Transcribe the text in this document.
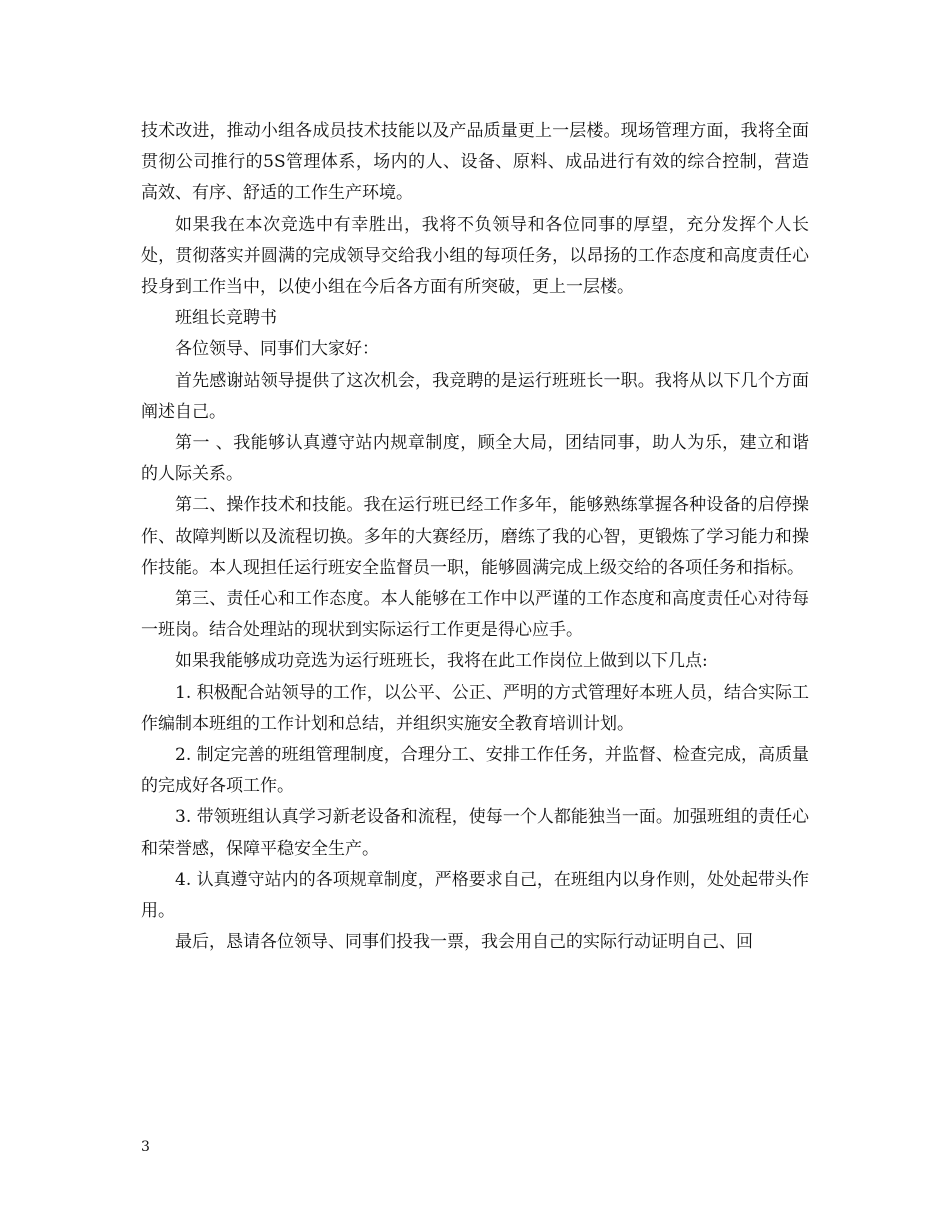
技术改进，推动小组各成员技术技能以及产品质量更上一层楼。现场管理方面，我将全面贯彻公司推行的5S管理体系，场内的人、设备、原料、成品进行有效的综合控制，营造高效、有序、舒适的工作生产环境。

如果我在本次竞选中有幸胜出，我将不负领导和各位同事的厚望，充分发挥个人长处，贯彻落实并圆满的完成领导交给我小组的每项任务，以昂扬的工作态度和高度责任心投身到工作当中，以使小组在今后各方面有所突破，更上一层楼。

班组长竞聘书

各位领导、同事们大家好：

首先感谢站领导提供了这次机会，我竞聘的是运行班班长一职。我将从以下几个方面阐述自己。

第一 、我能够认真遵守站内规章制度，顾全大局，团结同事，助人为乐，建立和谐的人际关系。

第二、操作技术和技能。我在运行班已经工作多年，能够熟练掌握各种设备的启停操作、故障判断以及流程切换。多年的大赛经历，磨练了我的心智，更锻炼了学习能力和操作技能。本人现担任运行班安全监督员一职，能够圆满完成上级交给的各项任务和指标。

第三、责任心和工作态度。本人能够在工作中以严谨的工作态度和高度责任心对待每一班岗。结合处理站的现状到实际运行工作更是得心应手。

如果我能够成功竞选为运行班班长，我将在此工作岗位上做到以下几点:

1. 积极配合站领导的工作，以公平、公正、严明的方式管理好本班人员，结合实际工作编制本班组的工作计划和总结，并组织实施安全教育培训计划。

2. 制定完善的班组管理制度，合理分工、安排工作任务，并监督、检查完成，高质量的完成好各项工作。

3. 带领班组认真学习新老设备和流程，使每一个人都能独当一面。加强班组的责任心和荣誉感，保障平稳安全生产。

4. 认真遵守站内的各项规章制度，严格要求自己，在班组内以身作则，处处起带头作用。

最后，恳请各位领导、同事们投我一票，我会用自己的实际行动证明自己、回

3
